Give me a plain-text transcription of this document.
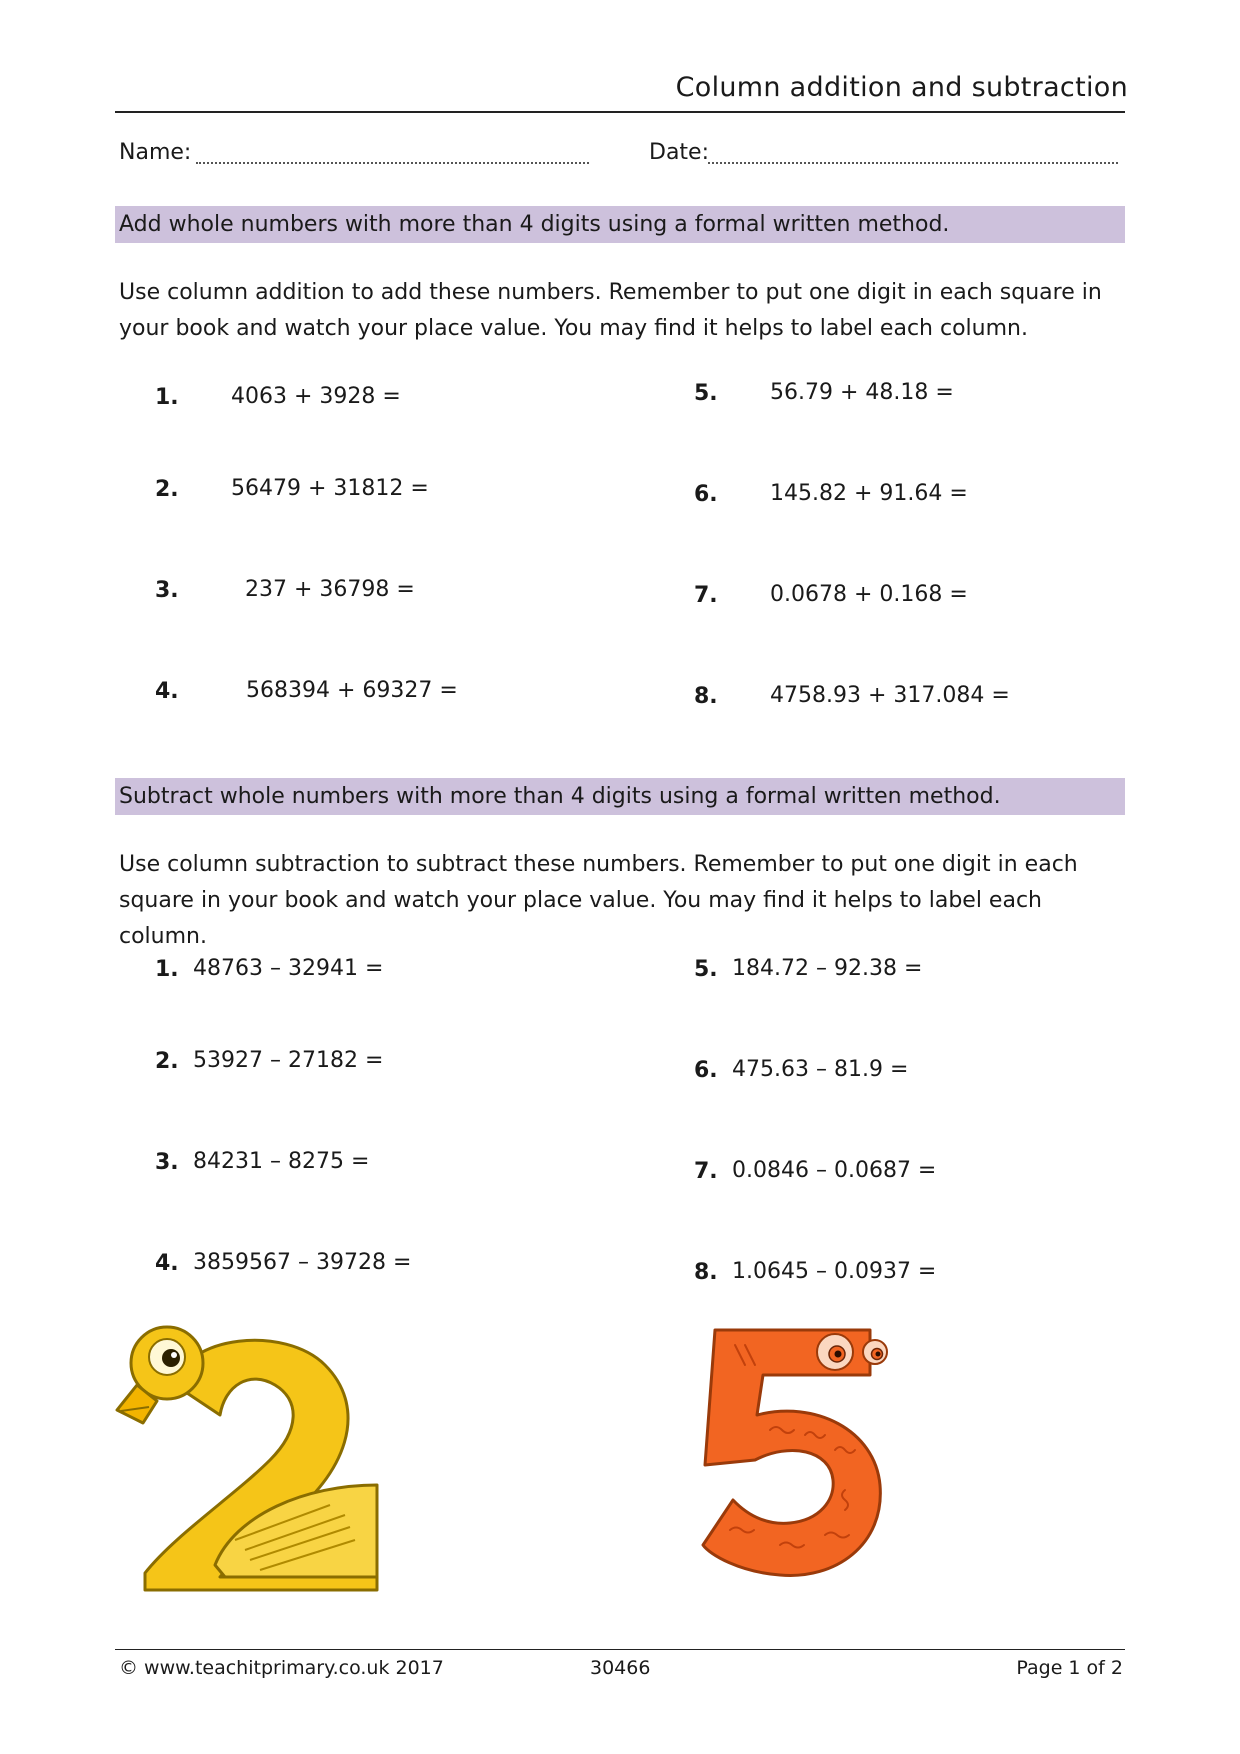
Column addition and subtraction
Name:	Date:
Add whole numbers with more than 4 digits using a formal written method.
Use column addition to add these numbers. Remember to put one digit in each square in your book and watch your place value. You may find it helps to label each column.
1. 4063 + 3928 =
2. 56479 + 31812 =
3.	237 + 36798 =
4.	568394 + 69327 =
5. 56.79 + 48.18 =
6. 145.82 + 91.64 =
7. 0.0678 + 0.168 =
8. 4758.93 + 317.084 =
Subtract whole numbers with more than 4 digits using a formal written method.
Use column subtraction to subtract these numbers. Remember to put one digit in each square in your book and watch your place value. You may find it helps to label each column.
1. 48763 – 32941 =
2. 53927 – 27182 =
3. 84231 – 8275 =
4. 3859567 – 39728 =
5. 184.72 – 92.38 =
6. 475.63 – 81.9 =
7. 0.0846 – 0.0687 =
8. 1.0645 – 0.0937 =
© www.teachitprimary.co.uk 2017	30466	Page 1 of 2
